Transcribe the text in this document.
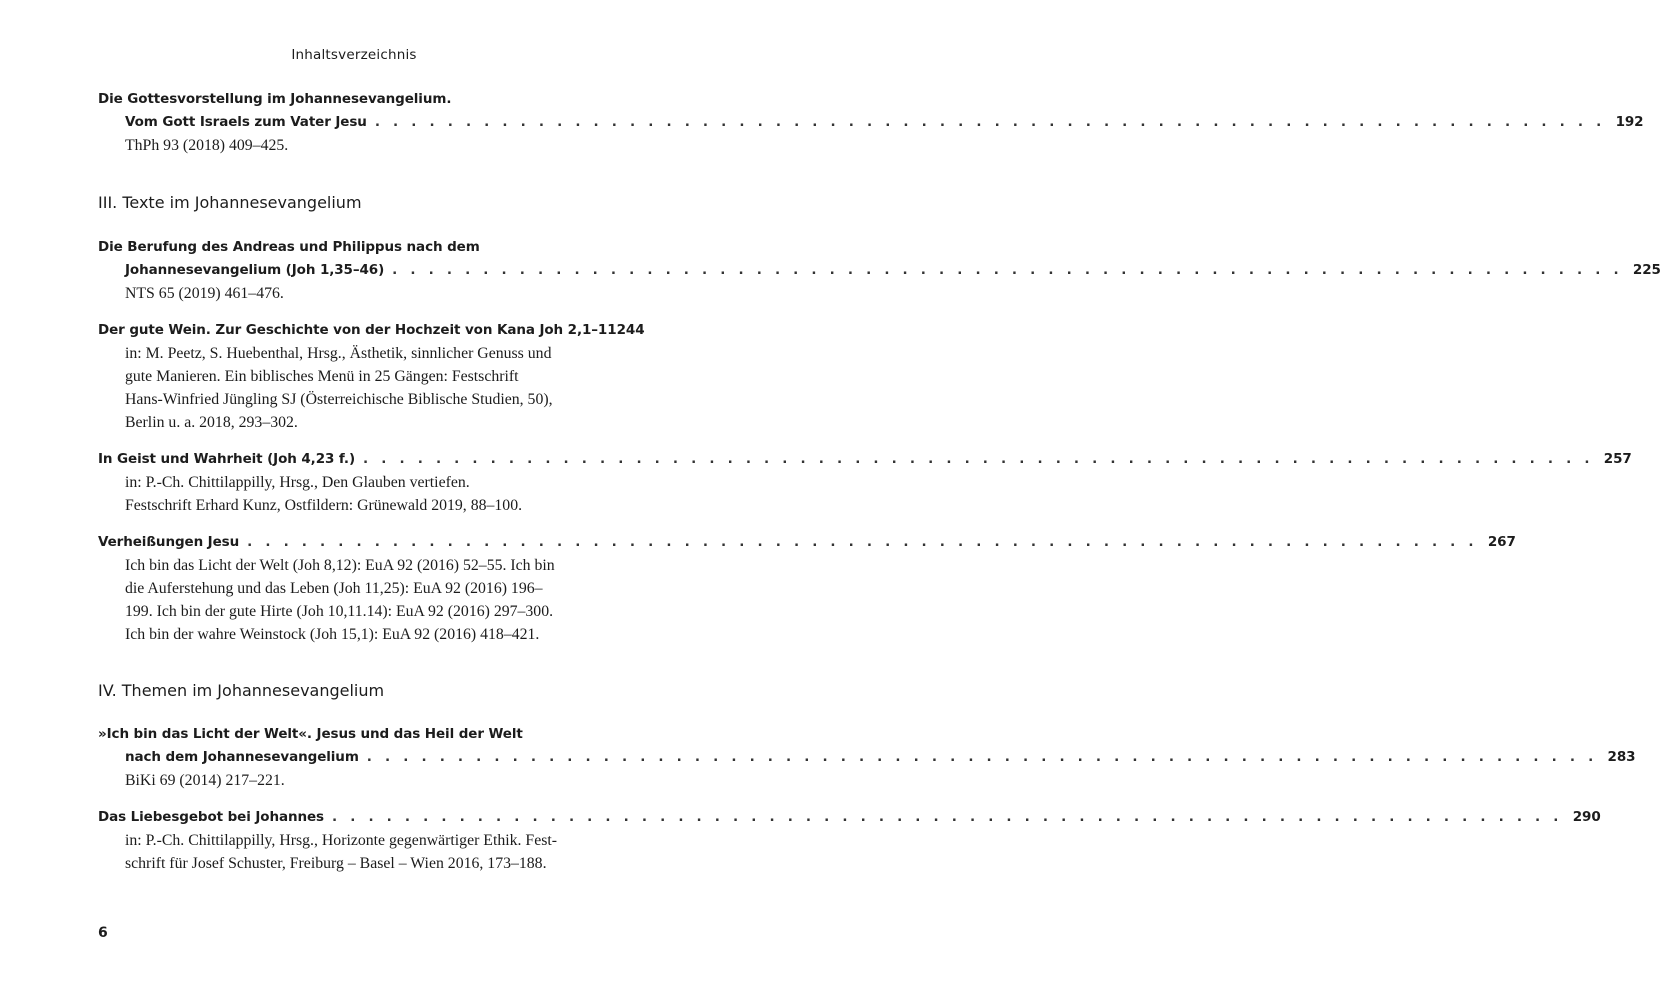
Inhaltsverzeichnis
Die Gottesvorstellung im Johannesevangelium.
Vom Gott Israels zum Vater Jesu . . .	192
ThPh 93 (2018) 409–425.
III. Texte im Johannesevangelium
Die Berufung des Andreas und Philippus nach dem
Johannesevangelium (Joh 1,35–46) . . .	225
NTS 65 (2019) 461–476.
Der gute Wein. Zur Geschichte von der Hochzeit von Kana Joh 2,1–11 244
in: M. Peetz, S. Huebenthal, Hrsg., Ästhetik, sinnlicher Genuss und
gute Manieren. Ein biblisches Menü in 25 Gängen: Festschrift
Hans-Winfried Jüngling SJ (Österreichische Biblische Studien, 50),
Berlin u. a. 2018, 293–302.
In Geist und Wahrheit (Joh 4,23 f.) . . .	257
in: P.-Ch. Chittilappilly, Hrsg., Den Glauben vertiefen.
Festschrift Erhard Kunz, Ostfildern: Grünewald 2019, 88–100.
Verheißungen Jesu . . .	267
Ich bin das Licht der Welt (Joh 8,12): EuA 92 (2016) 52–55. Ich bin
die Auferstehung und das Leben (Joh 11,25): EuA 92 (2016) 196–
199. Ich bin der gute Hirte (Joh 10,11.14): EuA 92 (2016) 297–300.
Ich bin der wahre Weinstock (Joh 15,1): EuA 92 (2016) 418–421.
IV. Themen im Johannesevangelium
»Ich bin das Licht der Welt«. Jesus und das Heil der Welt
nach dem Johannesevangelium . . .	283
BiKi 69 (2014) 217–221.
Das Liebesgebot bei Johannes . . .	290
in: P.-Ch. Chittilappilly, Hrsg., Horizonte gegenwärtiger Ethik. Fest-
schrift für Josef Schuster, Freiburg – Basel – Wien 2016, 173–188.
6
